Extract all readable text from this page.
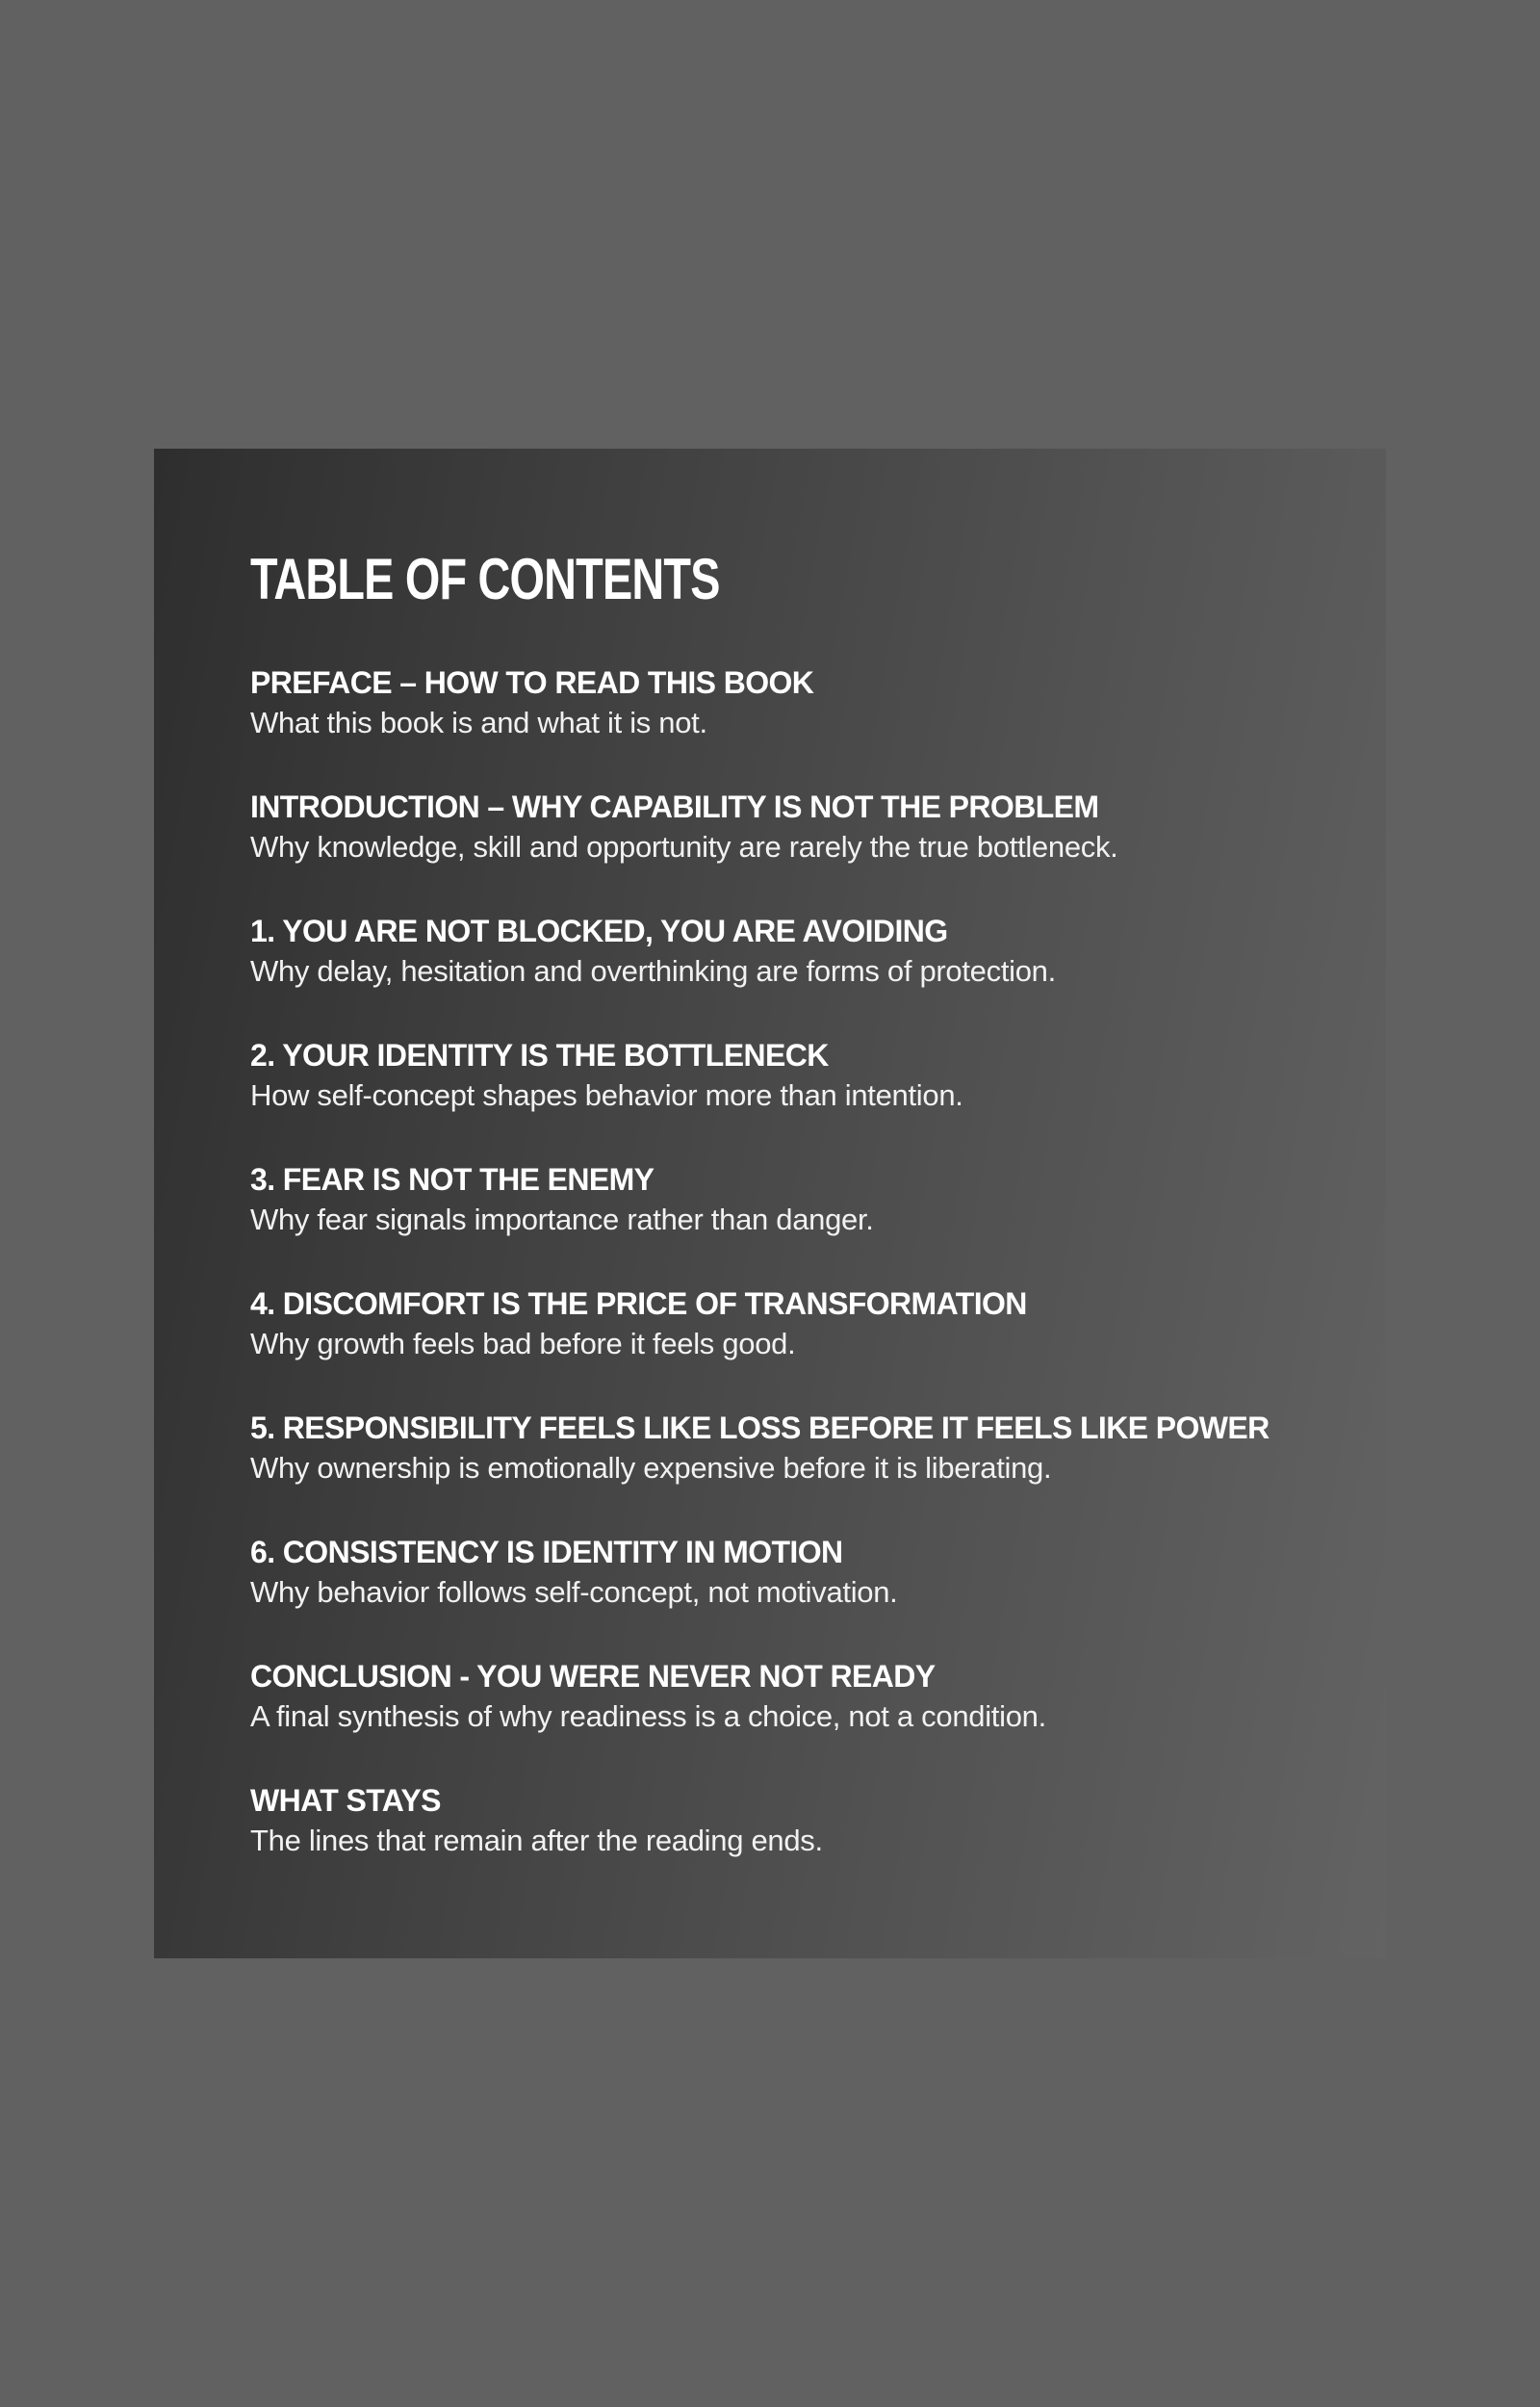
TABLE OF CONTENTS
PREFACE – HOW TO READ THIS BOOK
What this book is and what it is not.
INTRODUCTION – WHY CAPABILITY IS NOT THE PROBLEM
Why knowledge, skill and opportunity are rarely the true bottleneck.
1. YOU ARE NOT BLOCKED, YOU ARE AVOIDING
Why delay, hesitation and overthinking are forms of protection.
2. YOUR IDENTITY IS THE BOTTLENECK
How self-concept shapes behavior more than intention.
3. FEAR IS NOT THE ENEMY
Why fear signals importance rather than danger.
4. DISCOMFORT IS THE PRICE OF TRANSFORMATION
Why growth feels bad before it feels good.
5. RESPONSIBILITY FEELS LIKE LOSS BEFORE IT FEELS LIKE POWER
Why ownership is emotionally expensive before it is liberating.
6. CONSISTENCY IS IDENTITY IN MOTION
Why behavior follows self-concept, not motivation.
CONCLUSION - YOU WERE NEVER NOT READY
A final synthesis of why readiness is a choice, not a condition.
WHAT STAYS
The lines that remain after the reading ends.
